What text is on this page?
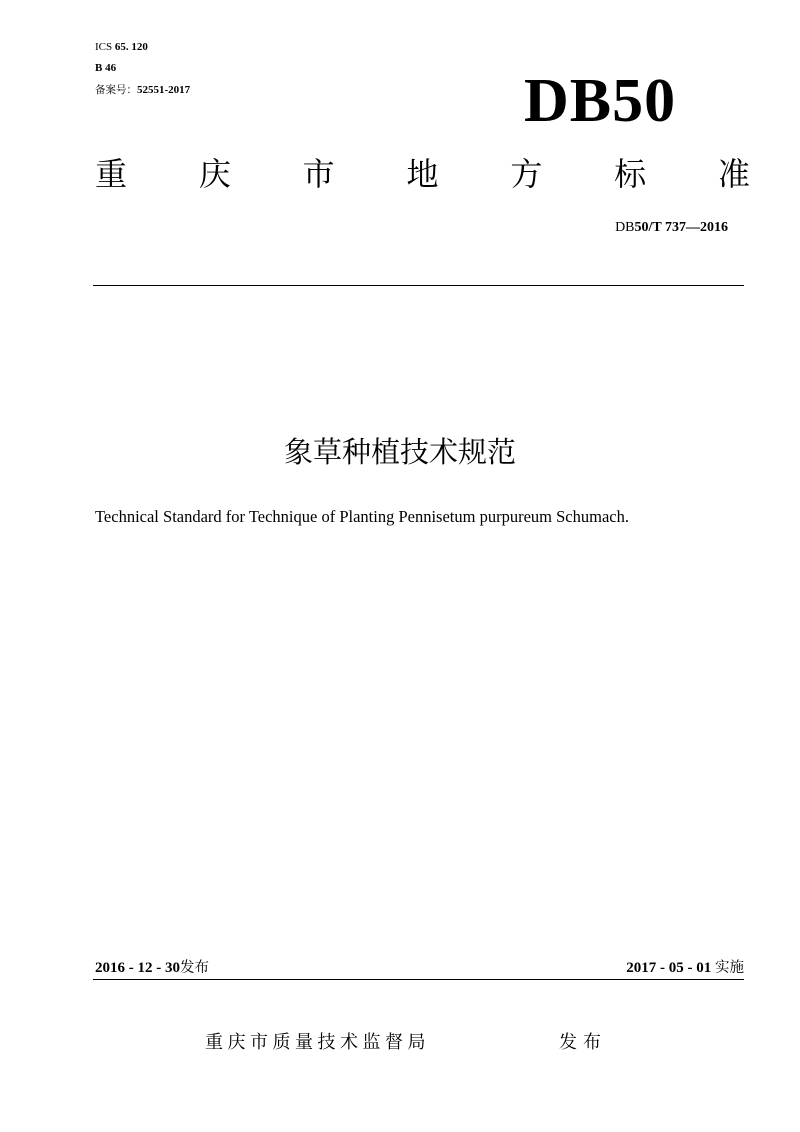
ICS 65. 120
B 46
备案号：52551-2017	DB50
重 庆 市 地 方 标 准
DB50/T 737—2016
象草种植技术规范
Technical Standard for Technique of Planting Pennisetum purpureum Schumach.
2016 - 12 - 30发布	2017 - 05 - 01 实施
重庆市质量技术监督局	发布
